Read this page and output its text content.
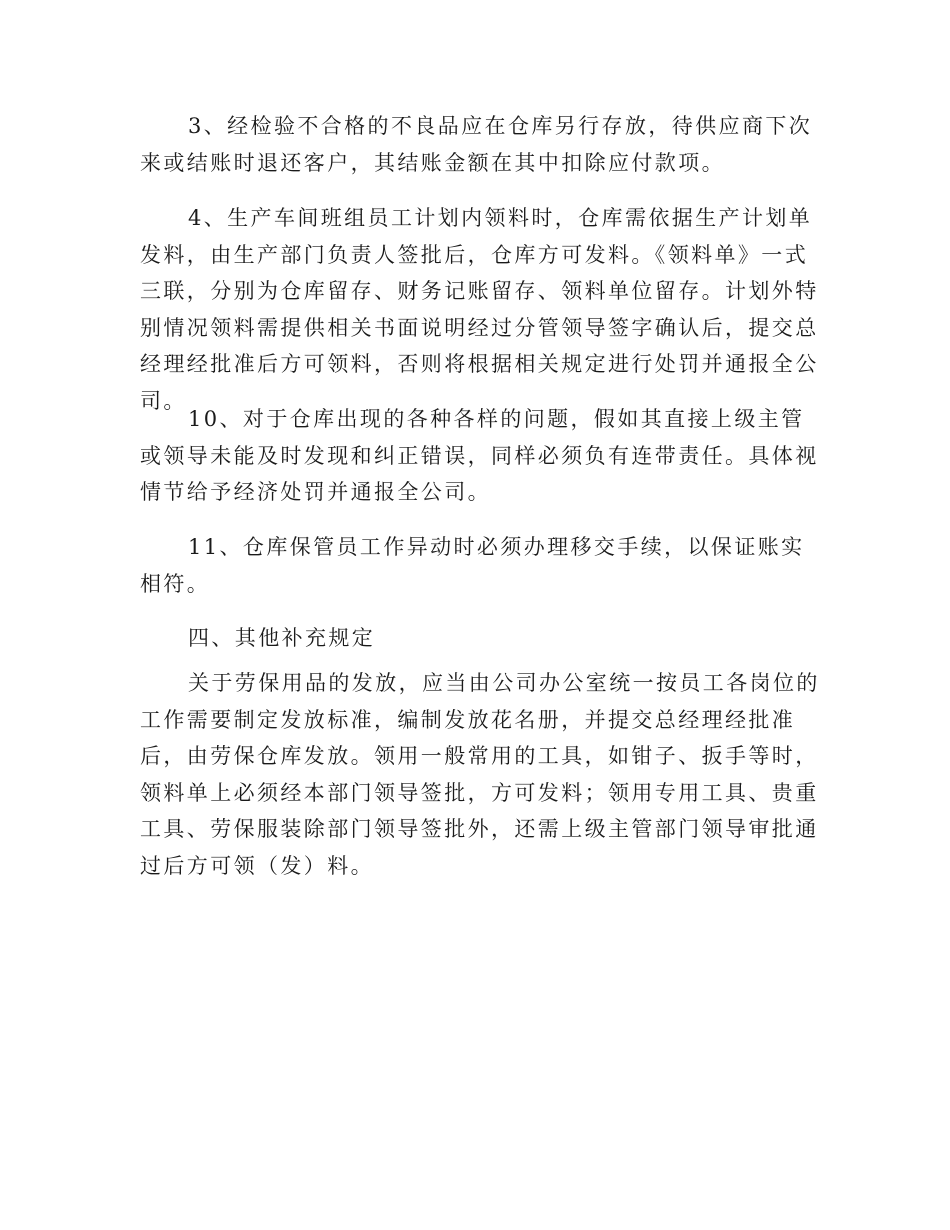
3、经检验不合格的不良品应在仓库另行存放，待供应商下次来或结账时退还客户，其结账金额在其中扣除应付款项。

4、生产车间班组员工计划内领料时，仓库需依据生产计划单发料，由生产部门负责人签批后，仓库方可发料。《领料单》一式三联，分别为仓库留存、财务记账留存、领料单位留存。计划外特别情况领料需提供相关书面说明经过分管领导签字确认后，提交总经理经批准后方可领料，否则将根据相关规定进行处罚并通报全公司。

10、对于仓库出现的各种各样的问题，假如其直接上级主管或领导未能及时发现和纠正错误，同样必须负有连带责任。具体视情节给予经济处罚并通报全公司。

11、仓库保管员工作异动时必须办理移交手续，以保证账实相符。

四、其他补充规定

关于劳保用品的发放，应当由公司办公室统一按员工各岗位的工作需要制定发放标准，编制发放花名册，并提交总经理经批准后，由劳保仓库发放。领用一般常用的工具，如钳子、扳手等时，领料单上必须经本部门领导签批，方可发料；领用专用工具、贵重工具、劳保服装除部门领导签批外，还需上级主管部门领导审批通过后方可领（发）料。
